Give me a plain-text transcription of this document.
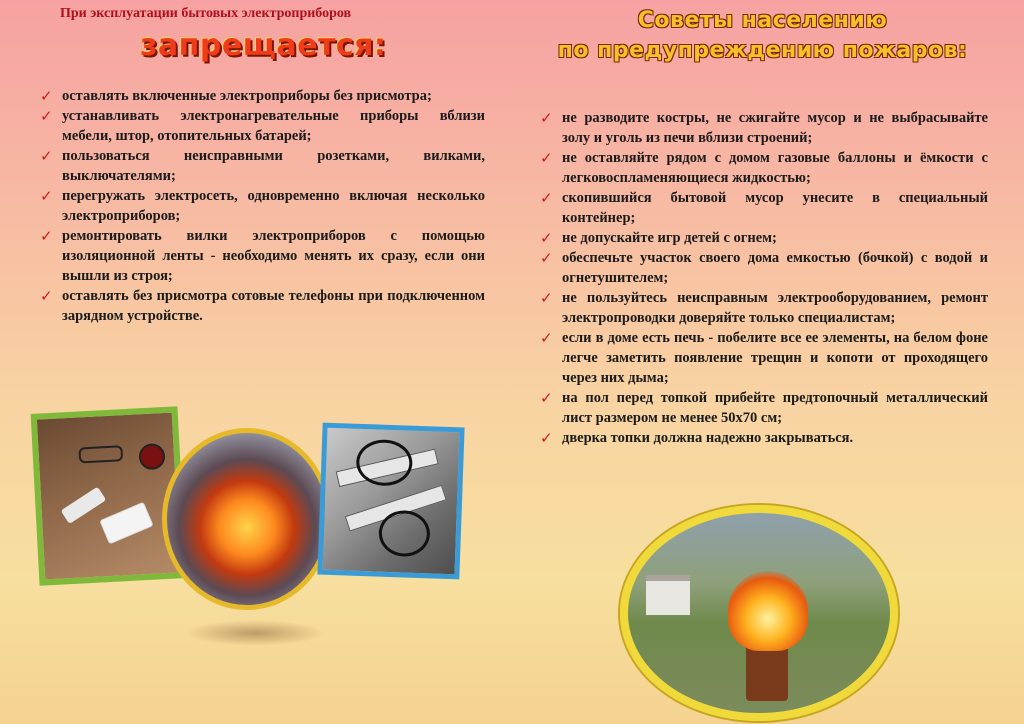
При эксплуатации бытовых электроприборов
запрещается:
✓ оставлять включенные электроприборы без присмотра;
✓ устанавливать электронагревательные приборы вблизи мебели, штор, отопительных батарей;
✓ пользоваться неисправными розетками, вилками, выключателями;
✓ перегружать электросеть, одновременно включая несколько электроприборов;
✓ ремонтировать вилки электроприборов с помощью изоляционной ленты - необходимо менять их сразу, если они вышли из строя;
✓ оставлять без присмотра сотовые телефоны при подключенном зарядном устройстве.
Советы населению
по предупреждению пожаров:
✓ не разводите костры, не сжигайте мусор и не выбрасывайте золу и уголь из печи вблизи строений;
✓ не оставляйте рядом с домом газовые баллоны и ёмкости с легковоспламеняющиеся жидкостью;
✓ скопившийся бытовой мусор унесите в специальный контейнер;
✓ не допускайте игр детей с огнем;
✓ обеспечьте участок своего дома емкостью (бочкой) с водой и огнетушителем;
✓ не пользуйтесь неисправным электрооборудованием, ремонт электропроводки доверяйте только специалистам;
✓ если в доме есть печь - побелите все ее элементы, на белом фоне легче заметить появление трещин и копоти от проходящего через них дыма;
✓ на пол перед топкой прибейте предтопочный металлический лист размером не менее 50х70 см;
✓ дверка топки должна надежно закрываться.
